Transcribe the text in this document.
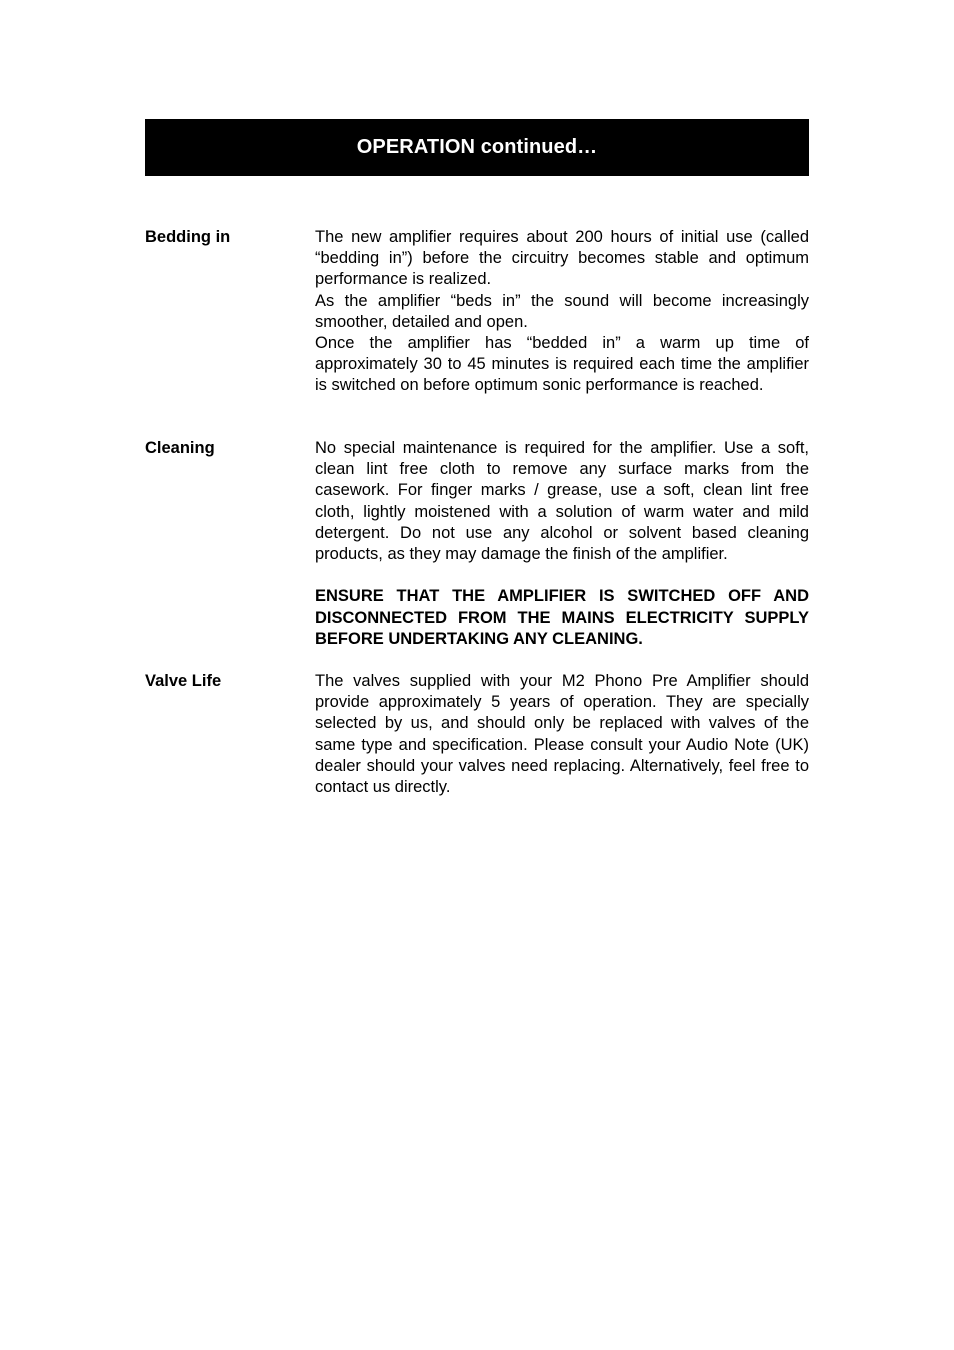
OPERATION continued…
Bedding in	The new amplifier requires about 200 hours of initial use (called “bedding in”) before the circuitry becomes stable and optimum performance is realized.

As the amplifier “beds in” the sound will become increasingly smoother, detailed and open.

Once the amplifier has “bedded in” a warm up time of approximately 30 to 45 minutes is required each time the amplifier is switched on before optimum sonic performance is reached.

Cleaning	No special maintenance is required for the amplifier. Use a soft, clean lint free cloth to remove any surface marks from the casework. For finger marks / grease, use a soft, clean lint free cloth, lightly moistened with a solution of warm water and mild detergent. Do not use any alcohol or solvent based cleaning products, as they may damage the finish of the amplifier.

ENSURE THAT THE AMPLIFIER IS SWITCHED OFF AND DISCONNECTED FROM THE MAINS ELECTRICITY SUPPLY BEFORE UNDERTAKING ANY CLEANING.

Valve Life	The valves supplied with your M2 Phono Pre Amplifier should provide approximately 5 years of operation. They are specially selected by us, and should only be replaced with valves of the same type and specification. Please consult your Audio Note (UK) dealer should your valves need replacing. Alternatively, feel free to contact us directly.
